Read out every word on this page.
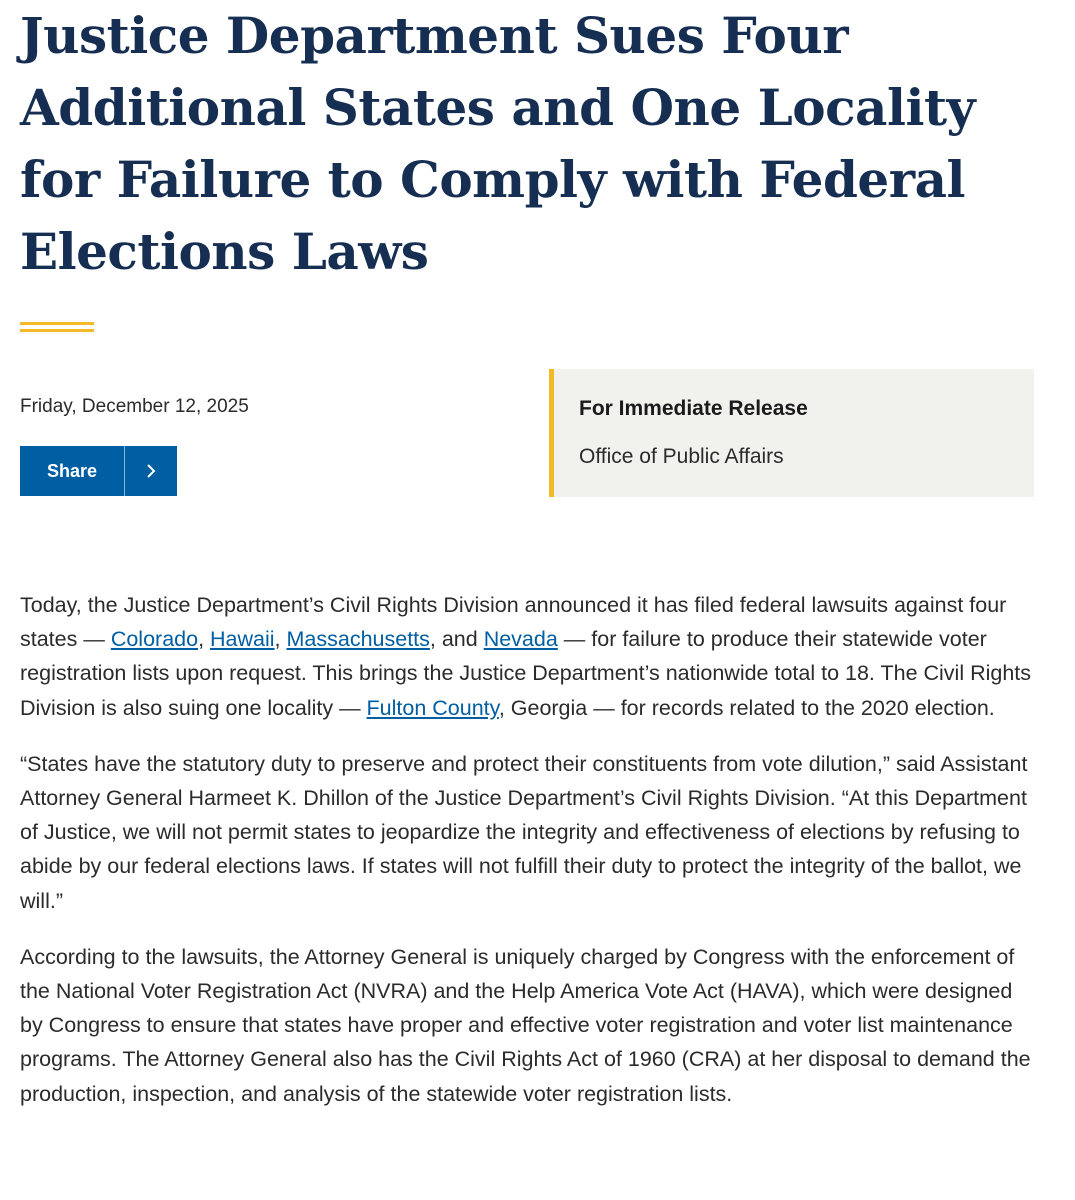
Justice Department Sues Four Additional States and One Locality for Failure to Comply with Federal Elections Laws
Friday, December 12, 2025
Share
For Immediate Release
Office of Public Affairs

Today, the Justice Department’s Civil Rights Division announced it has filed federal lawsuits against four states — Colorado, Hawaii, Massachusetts, and Nevada — for failure to produce their statewide voter registration lists upon request. This brings the Justice Department’s nationwide total to 18. The Civil Rights Division is also suing one locality — Fulton County, Georgia — for records related to the 2020 election.

“States have the statutory duty to preserve and protect their constituents from vote dilution,” said Assistant Attorney General Harmeet K. Dhillon of the Justice Department’s Civil Rights Division. “At this Department of Justice, we will not permit states to jeopardize the integrity and effectiveness of elections by refusing to abide by our federal elections laws. If states will not fulfill their duty to protect the integrity of the ballot, we will.”

According to the lawsuits, the Attorney General is uniquely charged by Congress with the enforcement of the National Voter Registration Act (NVRA) and the Help America Vote Act (HAVA), which were designed by Congress to ensure that states have proper and effective voter registration and voter list maintenance programs. The Attorney General also has the Civil Rights Act of 1960 (CRA) at her disposal to demand the production, inspection, and analysis of the statewide voter registration lists.
